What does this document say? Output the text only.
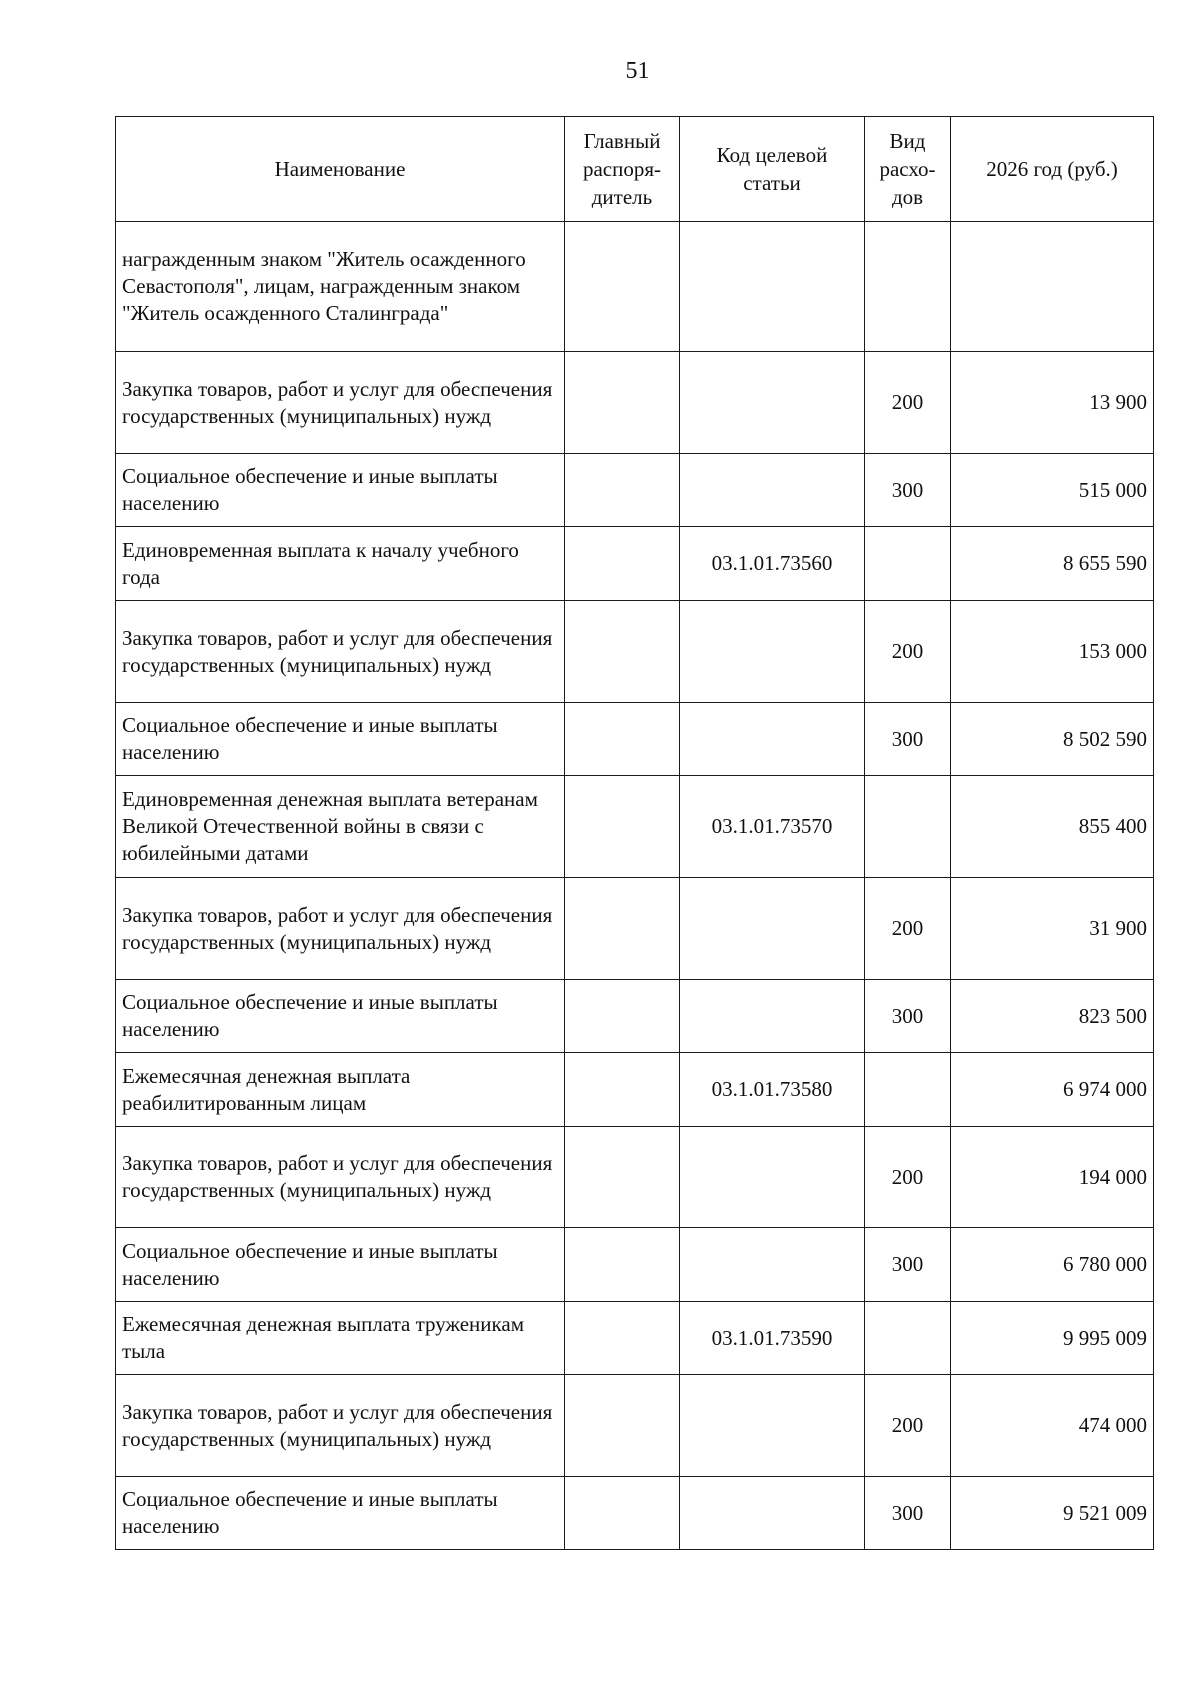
51
Наименование	Главный распоря-дитель	Код целевой статьи	Вид расхо-дов	2026 год (руб.)
награжденным знаком "Житель осажденного Севастополя", лицам, награжденным знаком "Житель осажденного Сталинграда"				
Закупка товаров, работ и услуг для обеспечения государственных (муниципальных) нужд			200	13 900
Социальное обеспечение и иные выплаты населению			300	515 000
Единовременная выплата к началу учебного года		03.1.01.73560		8 655 590
Закупка товаров, работ и услуг для обеспечения государственных (муниципальных) нужд			200	153 000
Социальное обеспечение и иные выплаты населению			300	8 502 590
Единовременная денежная выплата ветеранам Великой Отечественной войны в связи с юбилейными датами		03.1.01.73570		855 400
Закупка товаров, работ и услуг для обеспечения государственных (муниципальных) нужд			200	31 900
Социальное обеспечение и иные выплаты населению			300	823 500
Ежемесячная денежная выплата реабилитированным лицам		03.1.01.73580		6 974 000
Закупка товаров, работ и услуг для обеспечения государственных (муниципальных) нужд			200	194 000
Социальное обеспечение и иные выплаты населению			300	6 780 000
Ежемесячная денежная выплата труженикам тыла		03.1.01.73590		9 995 009
Закупка товаров, работ и услуг для обеспечения государственных (муниципальных) нужд			200	474 000
Социальное обеспечение и иные выплаты населению			300	9 521 009
